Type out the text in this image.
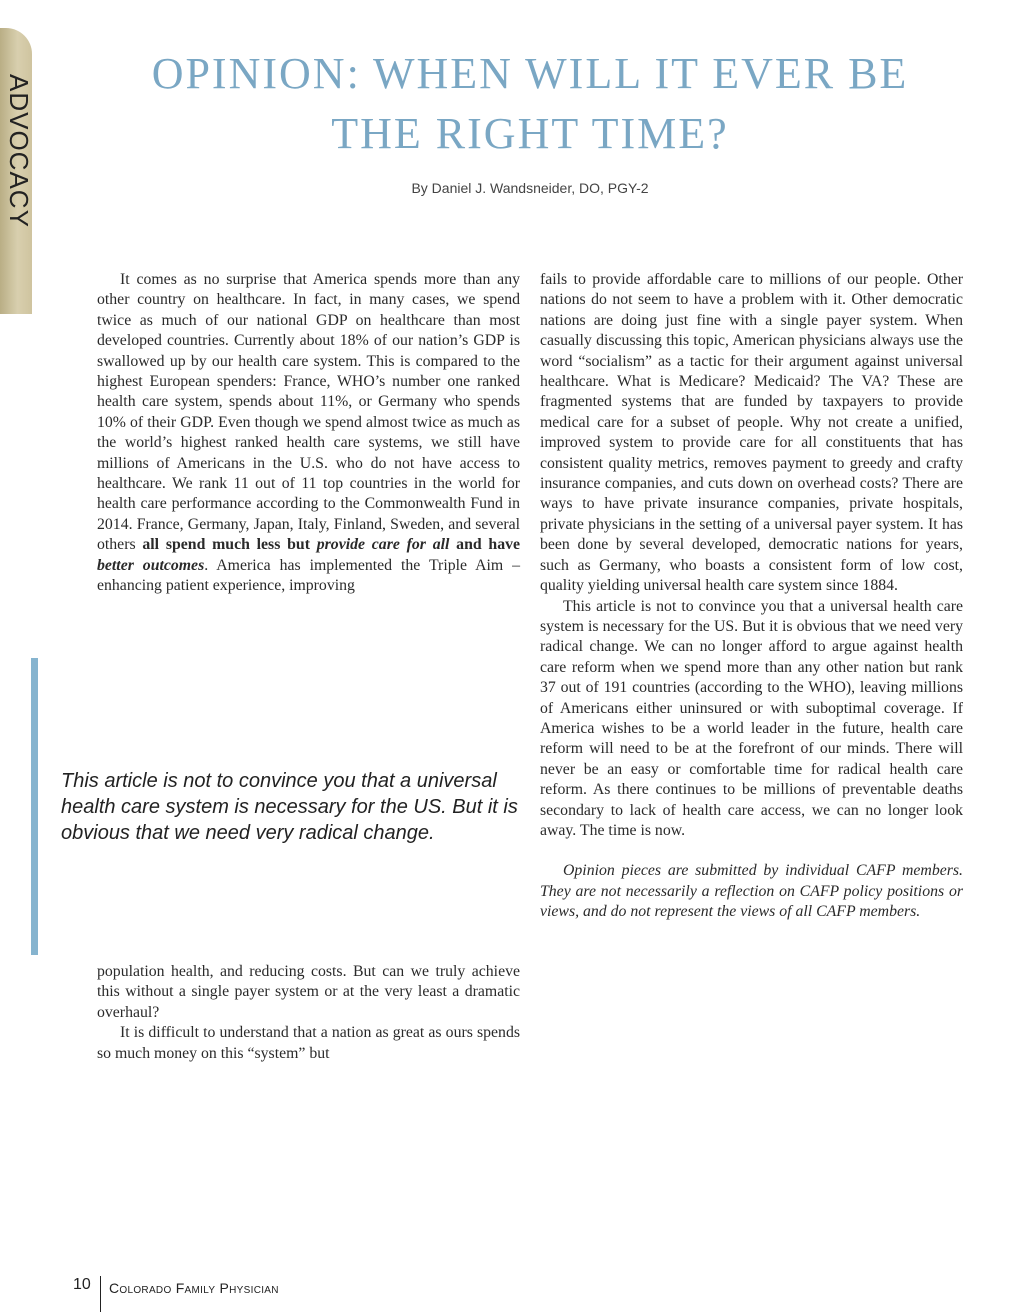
ADVOCACY
OPINION: WHEN WILL IT EVER BE
THE RIGHT TIME?
By Daniel J. Wandsneider, DO, PGY-2

It comes as no surprise that America spends more than any other country on healthcare. In fact, in many cases, we spend twice as much of our national GDP on healthcare than most developed countries. Currently about 18% of our nation’s GDP is swallowed up by our health care system. This is compared to the highest European spenders: France, WHO’s number one ranked health care system, spends about 11%, or Germany who spends 10% of their GDP. Even though we spend almost twice as much as the world’s highest ranked health care systems, we still have millions of Americans in the U.S. who do not have access to healthcare. We rank 11 out of 11 top countries in the world for health care performance according to the Commonwealth Fund in 2014. France, Germany, Japan, Italy, Finland, Sweden, and several others all spend much less but provide care for all and have better outcomes. America has implemented the Triple Aim – enhancing patient experience, improving

This article is not to convince you that a universal health care system is necessary for the US. But it is obvious that we need very radical change.

population health, and reducing costs. But can we truly achieve this without a single payer system or at the very least a dramatic overhaul?

It is difficult to understand that a nation as great as ours spends so much money on this “system” but

fails to provide affordable care to millions of our people. Other nations do not seem to have a problem with it. Other democratic nations are doing just fine with a single payer system. When casually discussing this topic, American physicians always use the word “socialism” as a tactic for their argument against universal healthcare. What is Medicare? Medicaid? The VA? These are fragmented systems that are funded by taxpayers to provide medical care for a subset of people. Why not create a unified, improved system to provide care for all constituents that has consistent quality metrics, removes payment to greedy and crafty insurance companies, and cuts down on overhead costs? There are ways to have private insurance companies, private hospitals, private physicians in the setting of a universal payer system. It has been done by several developed, democratic nations for years, such as Germany, who boasts a consistent form of low cost, quality yielding universal health care system since 1884.

This article is not to convince you that a universal health care system is necessary for the US. But it is obvious that we need very radical change. We can no longer afford to argue against health care reform when we spend more than any other nation but rank 37 out of 191 countries (according to the WHO), leaving millions of Americans either uninsured or with suboptimal coverage. If America wishes to be a world leader in the future, health care reform will need to be at the forefront of our minds. There will never be an easy or comfortable time for radical health care reform. As there continues to be millions of preventable deaths secondary to lack of health care access, we can no longer look away. The time is now.

Opinion pieces are submitted by individual CAFP members. They are not necessarily a reflection on CAFP policy positions or views, and do not represent the views of all CAFP members.

10 Colorado Family Physician
